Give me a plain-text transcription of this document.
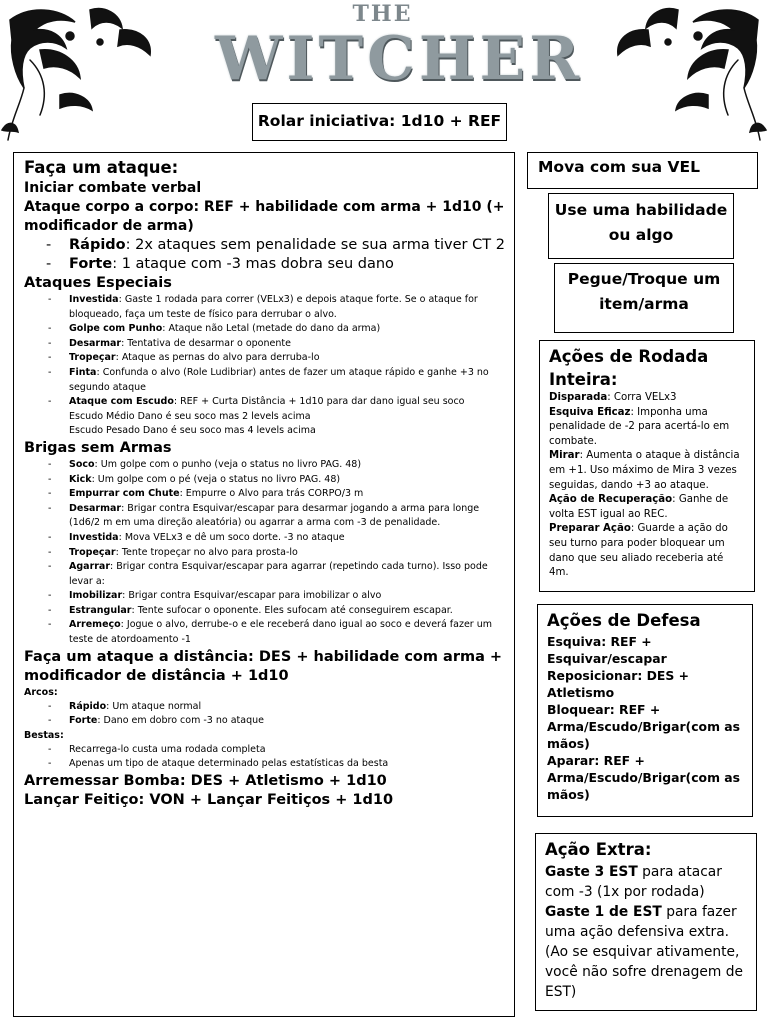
THE
WITCHER
Rolar iniciativa: 1d10 + REF
Faça um ataque:
Iniciar combate verbal
Ataque corpo a corpo: REF + habilidade com arma + 1d10 (+ modificador de arma)
- Rápido: 2x ataques sem penalidade se sua arma tiver CT 2
- Forte: 1 ataque com -3 mas dobra seu dano
Ataques Especiais
- Investida: Gaste 1 rodada para correr (VELx3) e depois ataque forte. Se o ataque for bloqueado, faça um teste de físico para derrubar o alvo.
- Golpe com Punho: Ataque não Letal (metade do dano da arma)
- Desarmar: Tentativa de desarmar o oponente
- Tropeçar: Ataque as pernas do alvo para derruba-lo
- Finta: Confunda o alvo (Role Ludibriar) antes de fazer um ataque rápido e ganhe +3 no segundo ataque
- Ataque com Escudo: REF + Curta Distância + 1d10 para dar dano igual seu soco
Escudo Médio Dano é seu soco mas 2 levels acima
Escudo Pesado Dano é seu soco mas 4 levels acima
Brigas sem Armas
- Soco: Um golpe com o punho (veja o status no livro PAG. 48)
- Kick: Um golpe com o pé (veja o status no livro PAG. 48)
- Empurrar com Chute: Empurre o Alvo para trás CORPO/3 m
- Desarmar: Brigar contra Esquivar/escapar para desarmar jogando a arma para longe (1d6/2 m em uma direção aleatória) ou agarrar a arma com -3 de penalidade.
- Investida: Mova VELx3 e dê um soco dorte. -3 no ataque
- Tropeçar: Tente tropeçar no alvo para prosta-lo
- Agarrar: Brigar contra Esquivar/escapar para agarrar (repetindo cada turno). Isso pode levar a:
- Imobilizar: Brigar contra Esquivar/escapar para imobilizar o alvo
- Estrangular: Tente sufocar o oponente. Eles sufocam até conseguirem escapar.
- Arremeço: Jogue o alvo, derrube-o e ele receberá dano igual ao soco e deverá fazer um teste de atordoamento -1
Faça um ataque a distância: DES + habilidade com arma + modificador de distância + 1d10
Arcos:
- Rápido: Um ataque normal
- Forte: Dano em dobro com -3 no ataque
Bestas:
- Recarrega-lo custa uma rodada completa
- Apenas um tipo de ataque determinado pelas estatísticas da besta
Arremessar Bomba: DES + Atletismo + 1d10
Lançar Feitiço: VON + Lançar Feitiços + 1d10
Mova com sua VEL
Use uma habilidade ou algo
Pegue/Troque um item/arma
Ações de Rodada Inteira:
Disparada: Corra VELx3
Esquiva Eficaz: Imponha uma penalidade de -2 para acertá-lo em combate.
Mirar: Aumenta o ataque à distância em +1. Uso máximo de Mira 3 vezes seguidas, dando +3 ao ataque.
Ação de Recuperação: Ganhe de volta EST igual ao REC.
Preparar Ação: Guarde a ação do seu turno para poder bloquear um dano que seu aliado receberia até 4m.
Ações de Defesa
Esquiva: REF + Esquivar/escapar
Reposicionar: DES + Atletismo
Bloquear: REF + Arma/Escudo/Brigar(com as mãos)
Aparar: REF + Arma/Escudo/Brigar(com as mãos)
Ação Extra:
Gaste 3 EST para atacar com -3 (1x por rodada)
Gaste 1 de EST para fazer uma ação defensiva extra. (Ao se esquivar ativamente, você não sofre drenagem de EST)
